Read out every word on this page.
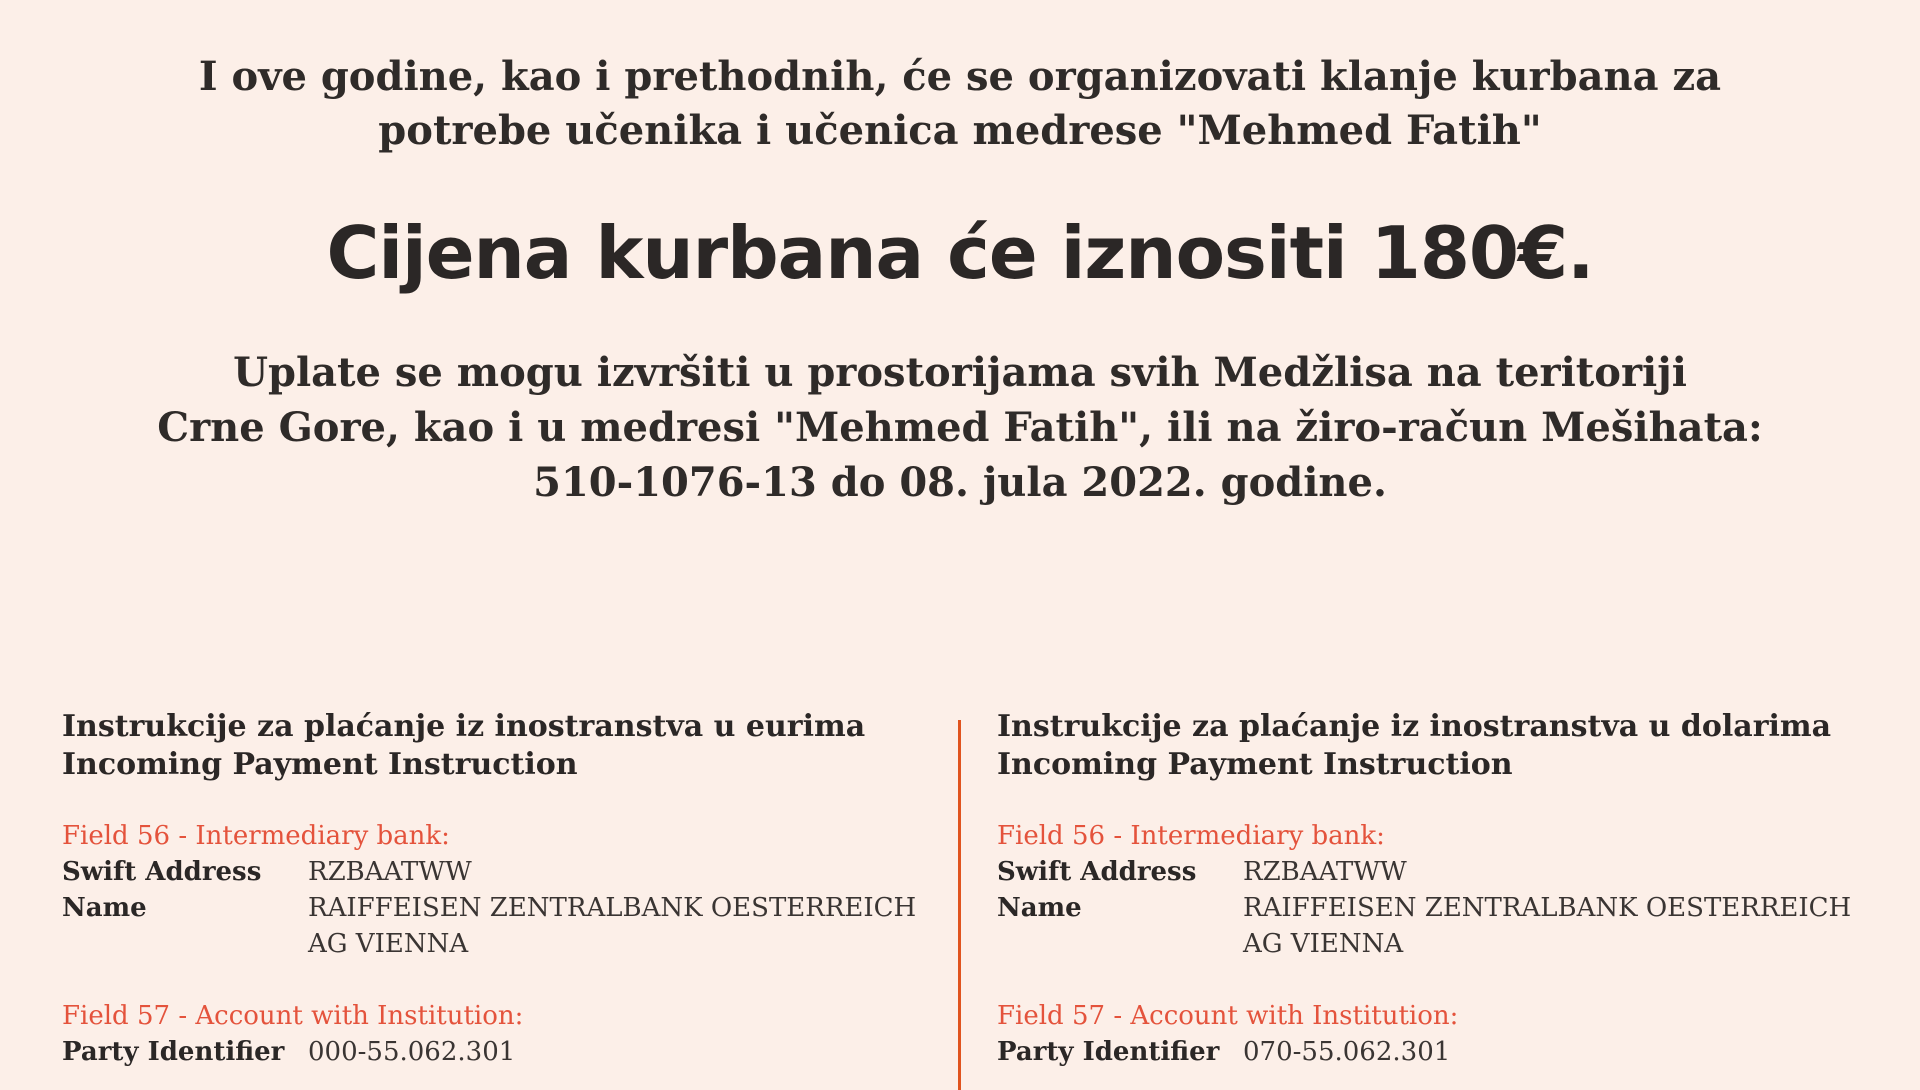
I ove godine, kao i prethodnih, će se organizovati klanje kurbana za
potrebe učenika i učenica medrese "Mehmed Fatih"
Cijena kurbana će iznositi 180€.
Uplate se mogu izvršiti u prostorijama svih Medžlisa na teritoriji
Crne Gore, kao i u medresi "Mehmed Fatih", ili na žiro-račun Mešihata:
510-1076-13 do 08. jula 2022. godine.
Instrukcije za plaćanje iz inostranstva u eurima
Incoming Payment Instruction
Field 56 - Intermediary bank:
Swift Address	RZBAATWW
Name	RAIFFEISEN ZENTRALBANK OESTERREICH
AG VIENNA
Field 57 - Account with Institution:
Party Identifier 000-55.062.301
Instrukcije za plaćanje iz inostranstva u dolarima
Incoming Payment Instruction
Field 56 - Intermediary bank:
Swift Address	RZBAATWW
Name	RAIFFEISEN ZENTRALBANK OESTERREICH
AG VIENNA
Field 57 - Account with Institution:
Party Identifier 070-55.062.301
